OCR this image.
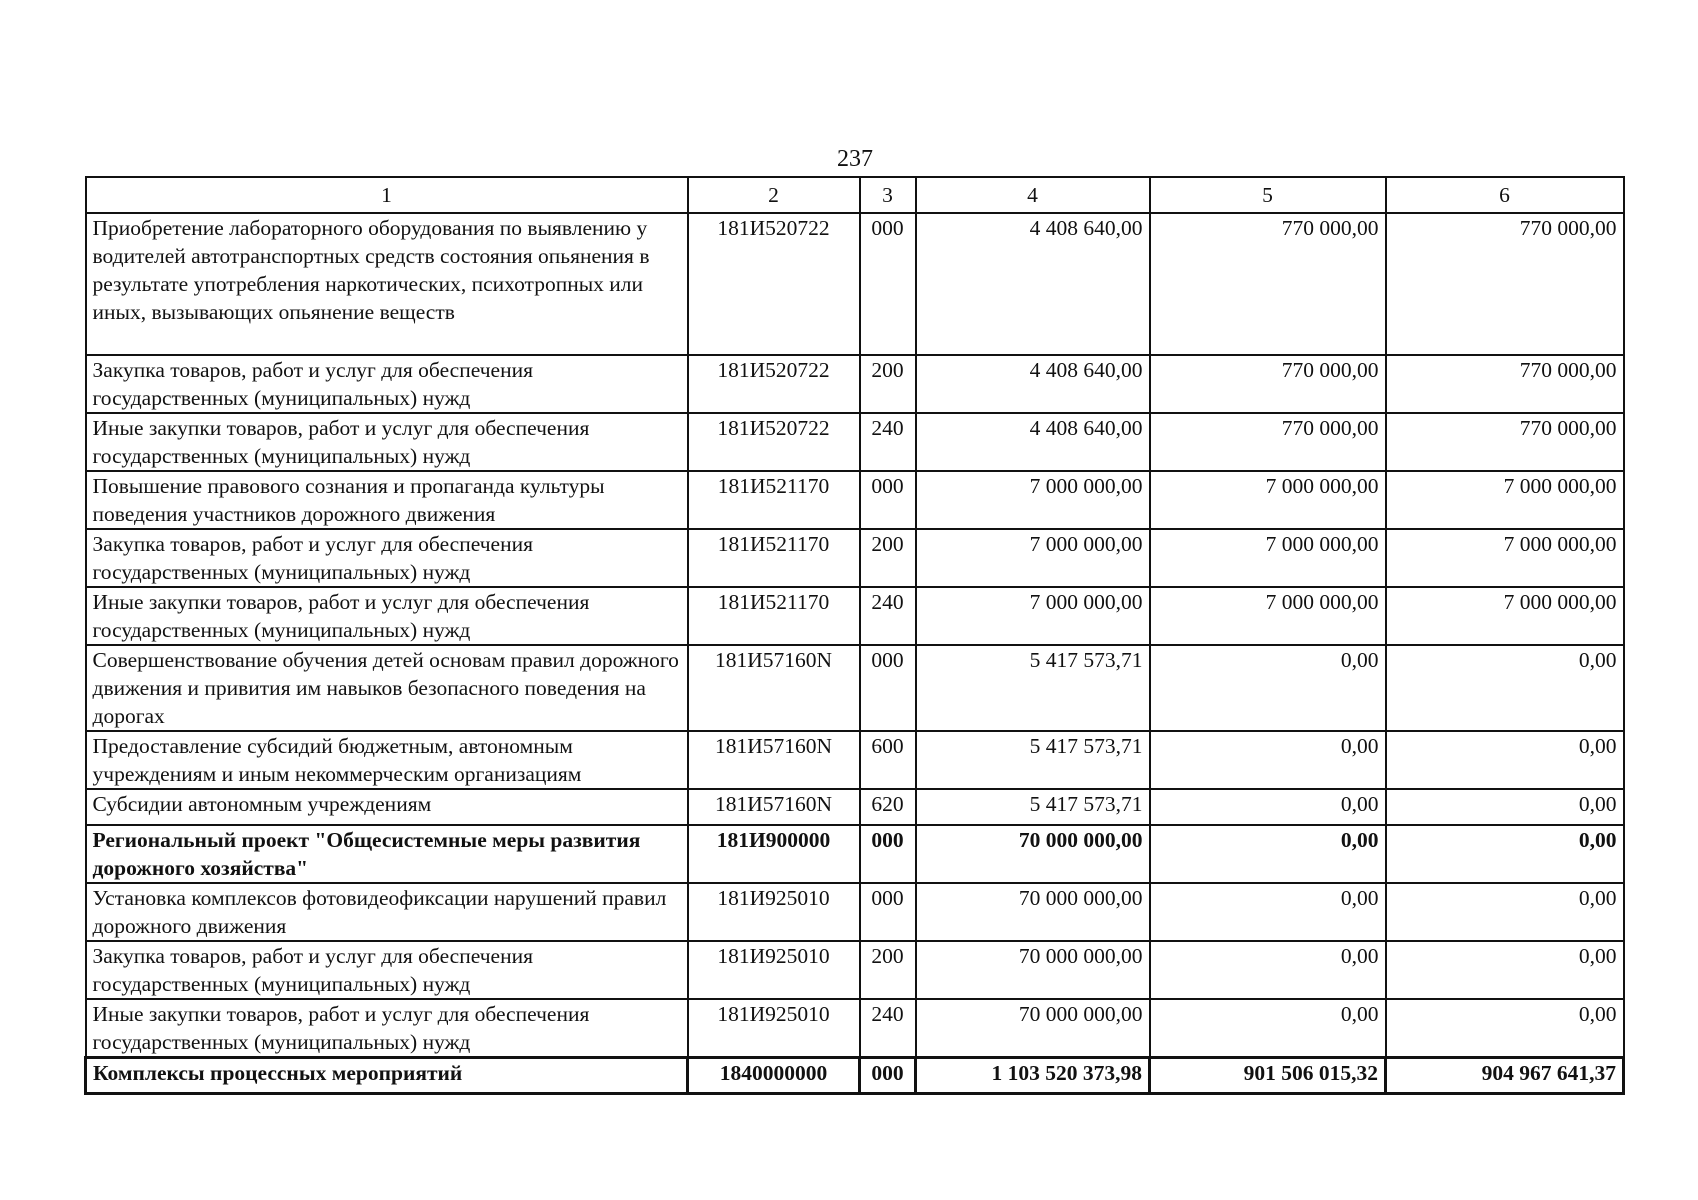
237
1	2	3	4	5	6
Приобретение лабораторного оборудования по выявлению у водителей автотранспортных средств состояния опьянения в результате употребления наркотических, психотропных или иных, вызывающих опьянение веществ	181И520722	000	4 408 640,00	770 000,00	770 000,00
Закупка товаров, работ и услуг для обеспечения государственных (муниципальных) нужд	181И520722	200	4 408 640,00	770 000,00	770 000,00
Иные закупки товаров, работ и услуг для обеспечения государственных (муниципальных) нужд	181И520722	240	4 408 640,00	770 000,00	770 000,00
Повышение правового сознания и пропаганда культуры поведения участников дорожного движения	181И521170	000	7 000 000,00	7 000 000,00	7 000 000,00
Закупка товаров, работ и услуг для обеспечения государственных (муниципальных) нужд	181И521170	200	7 000 000,00	7 000 000,00	7 000 000,00
Иные закупки товаров, работ и услуг для обеспечения государственных (муниципальных) нужд	181И521170	240	7 000 000,00	7 000 000,00	7 000 000,00
Совершенствование обучения детей основам правил дорожного движения и привития им навыков безопасного поведения на дорогах	181И57160N	000	5 417 573,71	0,00	0,00
Предоставление субсидий бюджетным, автономным учреждениям и иным некоммерческим организациям	181И57160N	600	5 417 573,71	0,00	0,00
Субсидии автономным учреждениям	181И57160N	620	5 417 573,71	0,00	0,00
Региональный проект "Общесистемные меры развития дорожного хозяйства"	181И900000	000	70 000 000,00	0,00	0,00
Установка комплексов фотовидеофиксации нарушений правил дорожного движения	181И925010	000	70 000 000,00	0,00	0,00
Закупка товаров, работ и услуг для обеспечения государственных (муниципальных) нужд	181И925010	200	70 000 000,00	0,00	0,00
Иные закупки товаров, работ и услуг для обеспечения государственных (муниципальных) нужд	181И925010	240	70 000 000,00	0,00	0,00
Комплексы процессных мероприятий	1840000000	000	1 103 520 373,98	901 506 015,32	904 967 641,37
